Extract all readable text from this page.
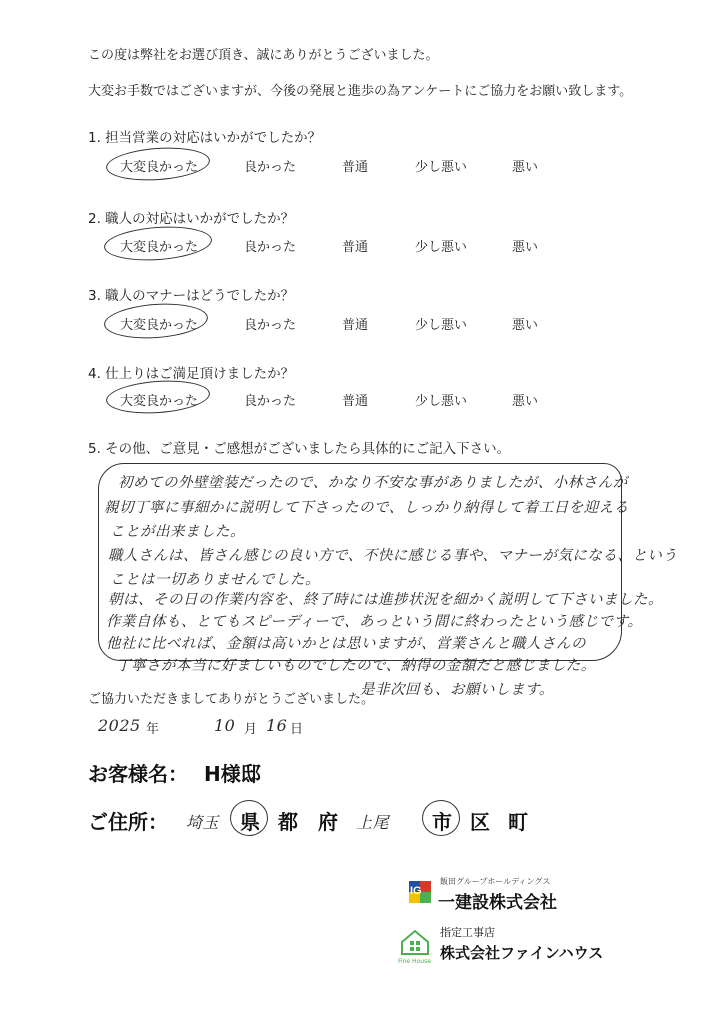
この度は弊社をお選び頂き、誠にありがとうございました。
大変お手数ではございますが、今後の発展と進歩の為アンケートにご協力をお願い致します。
1. 担当営業の対応はいかがでしたか？
大変良かった	良かった	普通	少し悪い	悪い
2. 職人の対応はいかがでしたか？
大変良かった	良かった	普通	少し悪い	悪い
3. 職人のマナーはどうでしたか？
大変良かった	良かった	普通	少し悪い	悪い
4. 仕上りはご満足頂けましたか？
大変良かった	良かった	普通	少し悪い	悪い
5. その他、ご意見・ご感想がございましたら具体的にご記入下さい。
初めての外壁塗装だったので、かなり不安な事がありましたが、小林さんが
親切丁寧に事細かに説明して下さったので、しっかり納得して着工日を迎える
ことが出来ました。
職人さんは、皆さん感じの良い方で、不快に感じる事や、マナーが気になる、という
ことは一切ありませんでした。
朝は、その日の作業内容を、終了時には進捗状況を細かく説明して下さいました。
作業自体も、とてもスピーディーで、あっという間に終わったという感じです。
他社に比べれば、金額は高いかとは思いますが、営業さんと職人さんの
丁寧さが本当に好ましいものでしたので、納得の金額だと感じました。
ご協力いただきましてありがとうございました。
是非次回も、お願いします。
2025 年	10 月 16 日
お客様名： H様邸
ご住所： 埼玉 県 都 府 上尾 市 区 町
IG
飯田グループホールディングス
一建設株式会社
Fine House
指定工事店
株式会社ファインハウス
